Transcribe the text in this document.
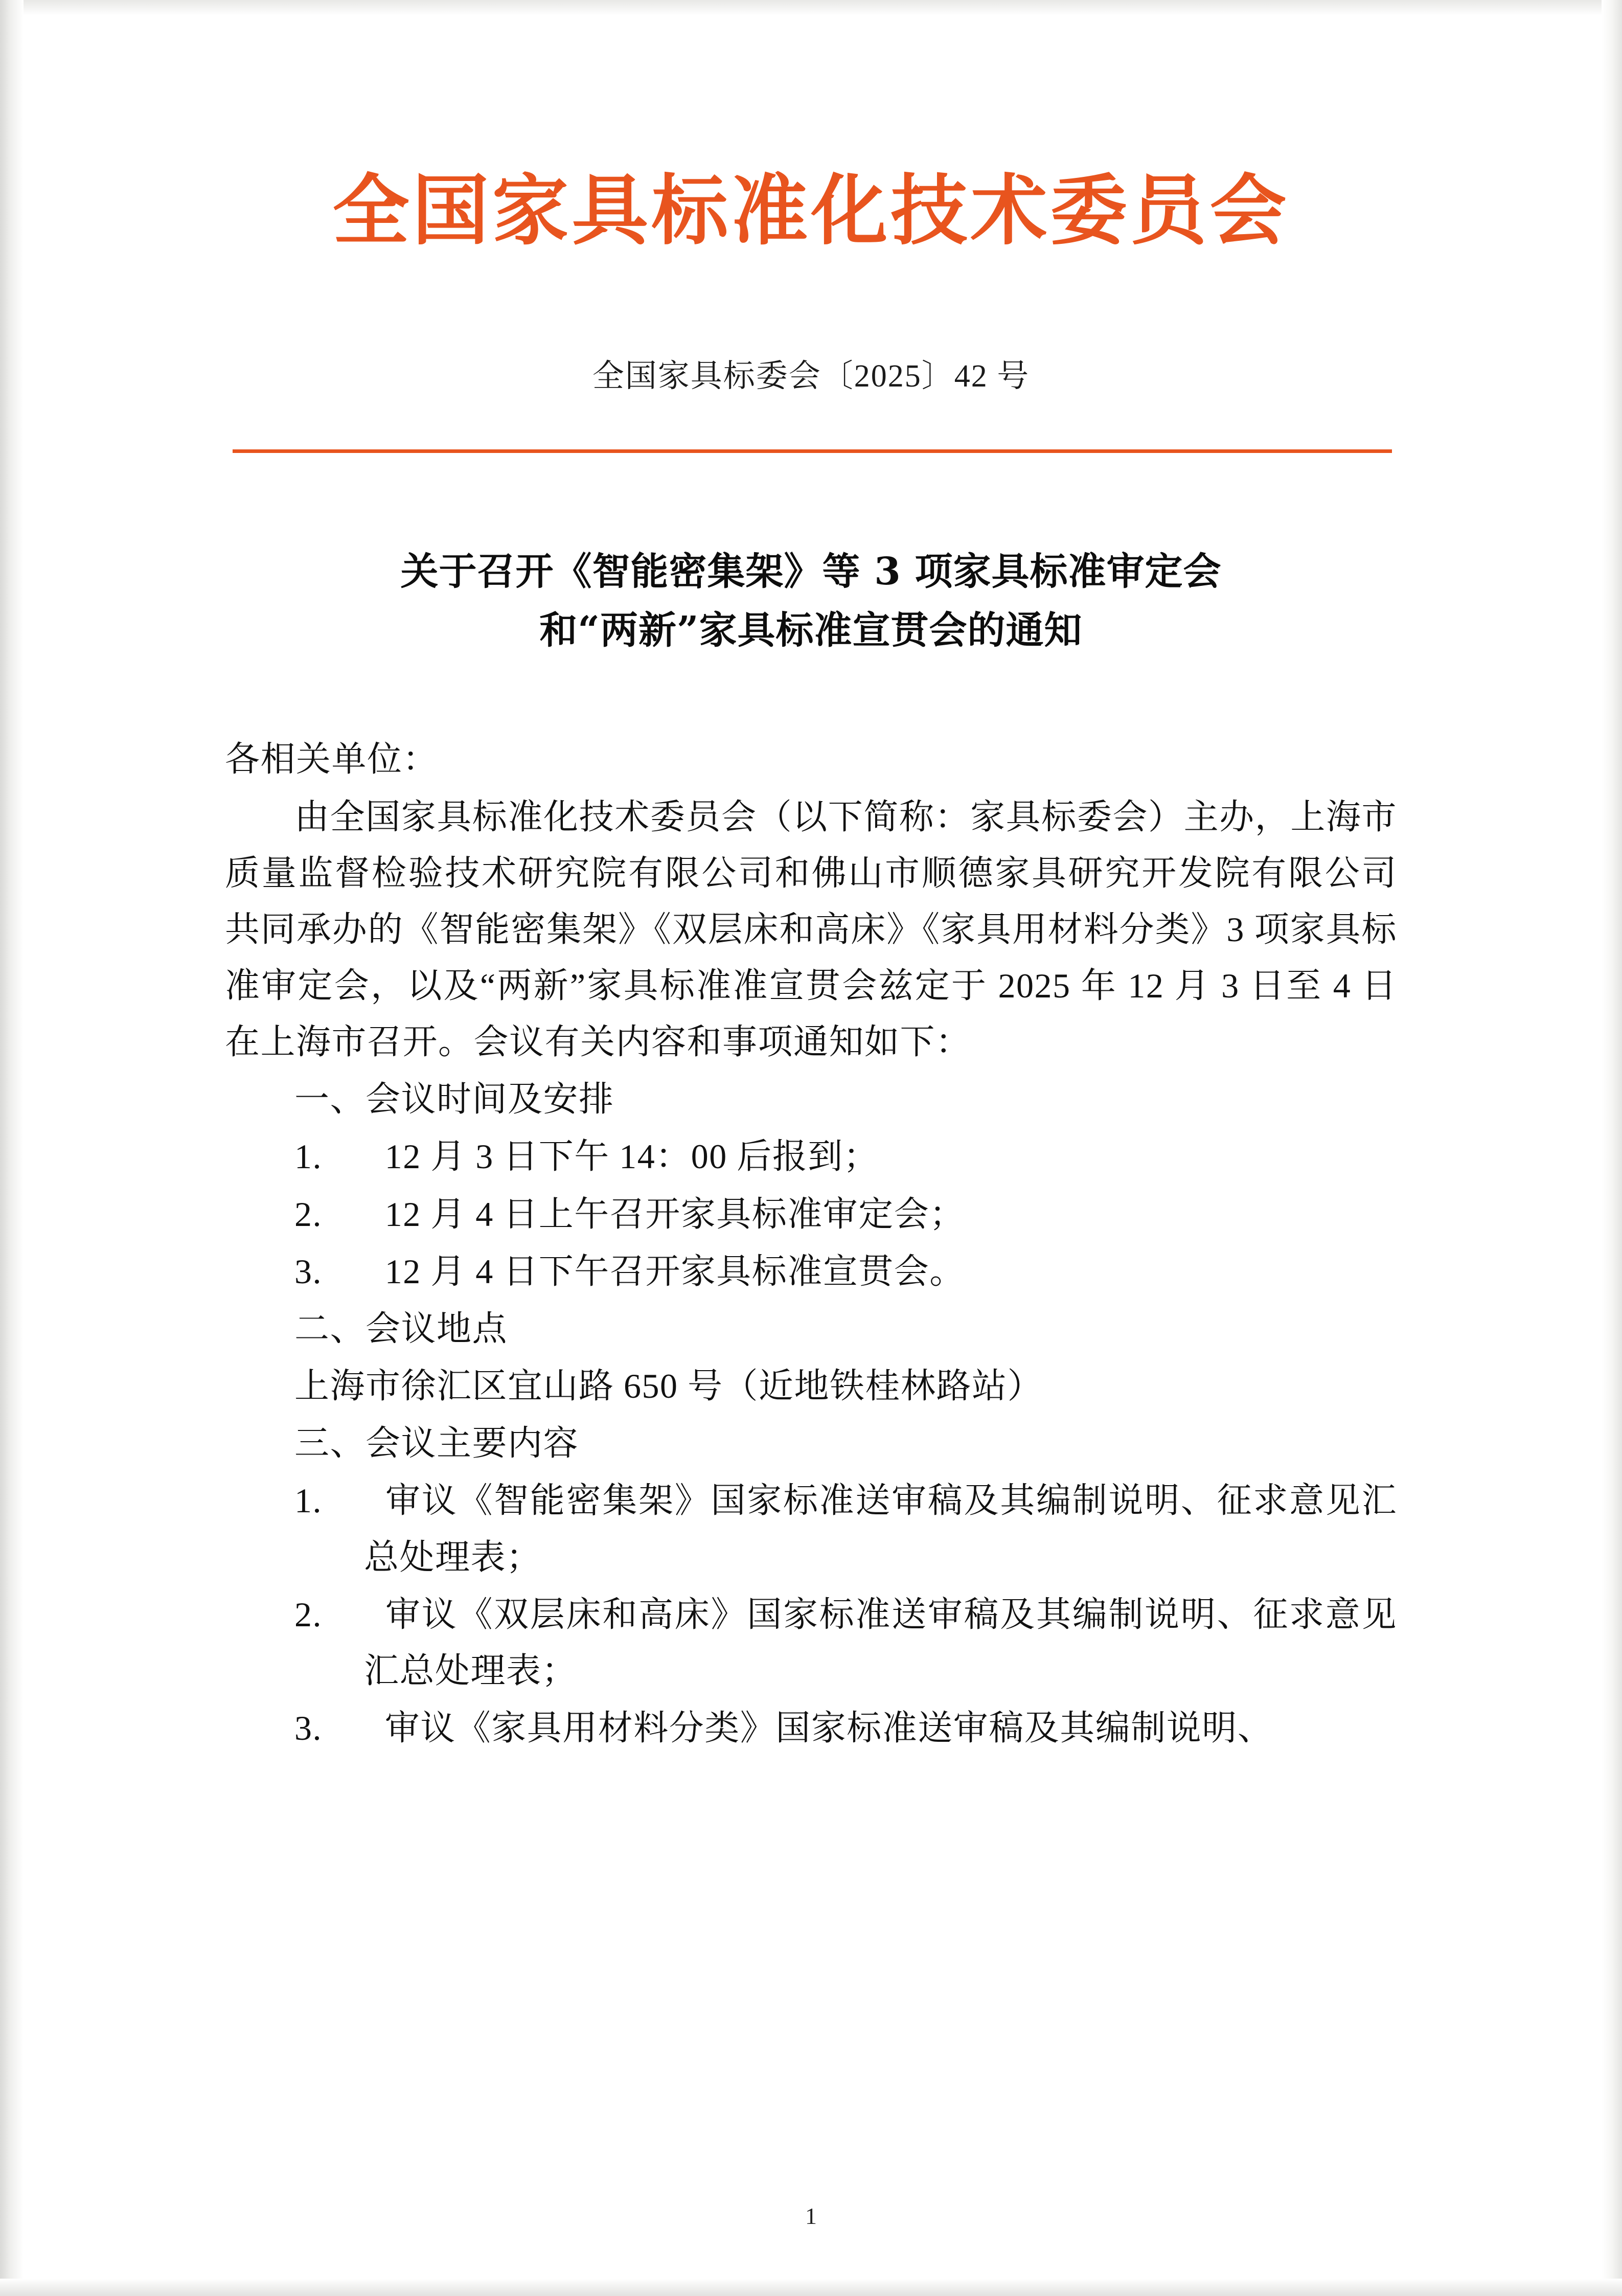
全国家具标准化技术委员会
全国家具标委会〔2025〕42 号
关于召开《智能密集架》等 3 项家具标准审定会
和“两新”家具标准宣贯会的通知

各相关单位：

由全国家具标准化技术委员会（以下简称：家具标委会）主办，上海市质量监督检验技术研究院有限公司和佛山市顺德家具研究开发院有限公司共同承办的《智能密集架》《双层床和高床》《家具用材料分类》3 项家具标准审定会，以及“两新”家具标准准宣贯会兹定于 2025 年 12 月 3 日至 4 日在上海市召开。会议有关内容和事项通知如下：

一、会议时间及安排

1. 12 月 3 日下午 14：00 后报到；

2. 12 月 4 日上午召开家具标准审定会；

3. 12 月 4 日下午召开家具标准宣贯会。

二、会议地点

上海市徐汇区宜山路 650 号（近地铁桂林路站）

三、会议主要内容

1. 审议《智能密集架》国家标准送审稿及其编制说明、征求意见汇总处理表；

2. 审议《双层床和高床》国家标准送审稿及其编制说明、征求意见汇总处理表；

3. 审议《家具用材料分类》国家标准送审稿及其编制说明、

1
